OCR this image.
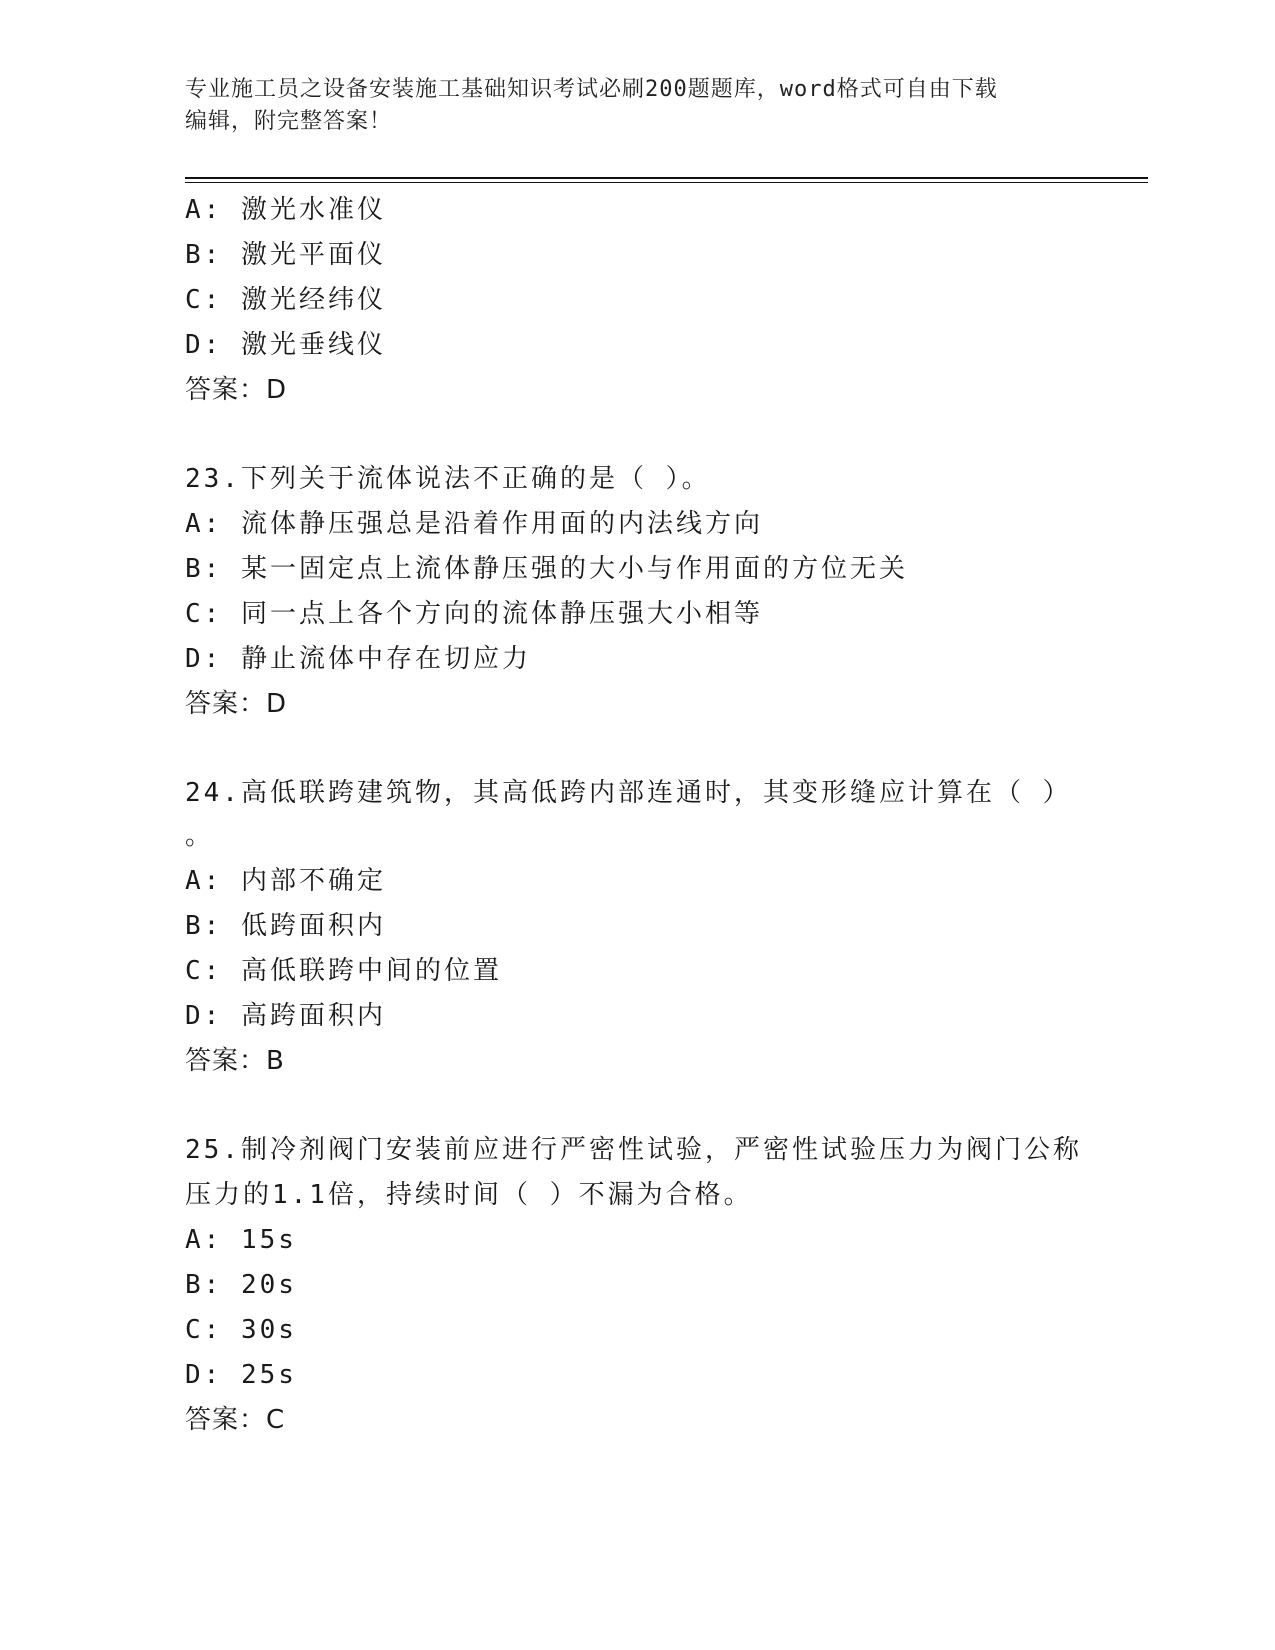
专业施工员之设备安装施工基础知识考试必刷200题题库，word格式可自由下载
编辑，附完整答案！
A: 激光水准仪
B: 激光平面仪
C: 激光经纬仪
D: 激光垂线仪
答案：D
23.下列关于流体说法不正确的是（ ）。
A: 流体静压强总是沿着作用面的内法线方向
B: 某一固定点上流体静压强的大小与作用面的方位无关
C: 同一点上各个方向的流体静压强大小相等
D: 静止流体中存在切应力
答案：D
24.高低联跨建筑物，其高低跨内部连通时，其变形缝应计算在（ ）
。
A: 内部不确定
B: 低跨面积内
C: 高低联跨中间的位置
D: 高跨面积内
答案：B
25.制冷剂阀门安装前应进行严密性试验，严密性试验压力为阀门公称
压力的1.1倍，持续时间（ ）不漏为合格。
A: 15s
B: 20s
C: 30s
D: 25s
答案：C
